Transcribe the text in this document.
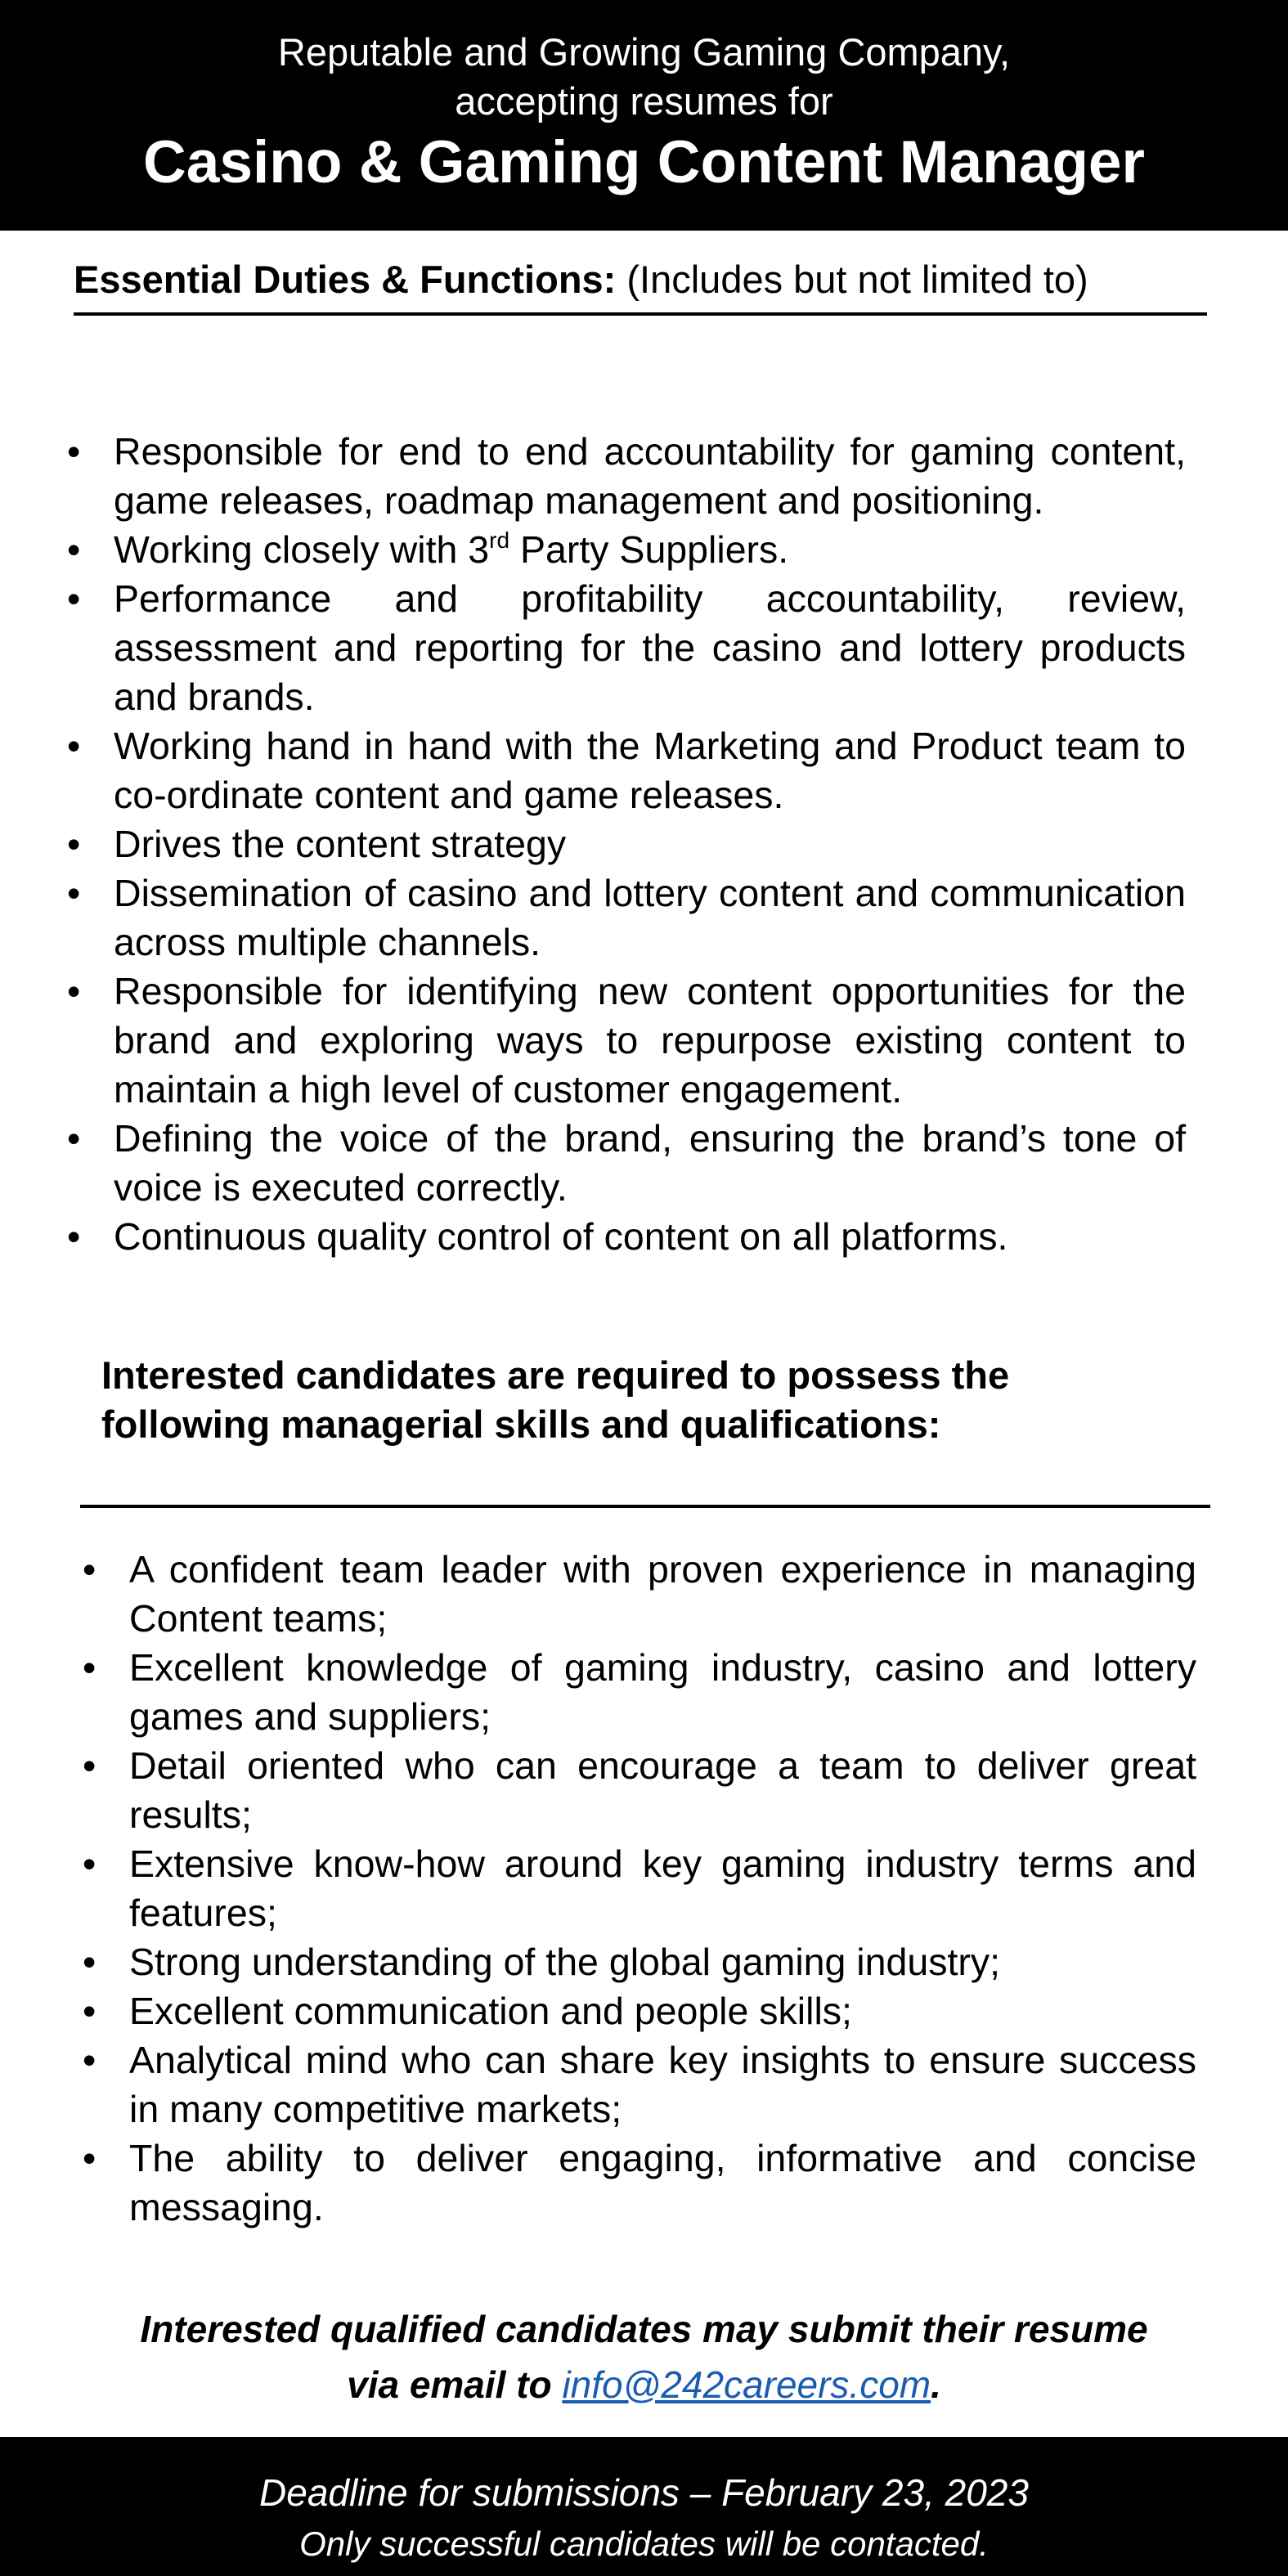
Reputable and Growing Gaming Company,
accepting resumes for
Casino & Gaming Content Manager
Essential Duties & Functions: (Includes but not limited to)
• Responsible for end to end accountability for gaming content, game releases, roadmap management and positioning.
• Working closely with 3rd Party Suppliers.
• Performance and profitability accountability, review, assessment and reporting for the casino and lottery products and brands.
• Working hand in hand with the Marketing and Product team to co-ordinate content and game releases.
• Drives the content strategy
• Dissemination of casino and lottery content and communication across multiple channels.
• Responsible for identifying new content opportunities for the brand and exploring ways to repurpose existing content to maintain a high level of customer engagement.
• Defining the voice of the brand, ensuring the brand’s tone of voice is executed correctly.
• Continuous quality control of content on all platforms.
Interested candidates are required to possess the following managerial skills and qualifications:
• A confident team leader with proven experience in managing Content teams;
• Excellent knowledge of gaming industry, casino and lottery games and suppliers;
• Detail oriented who can encourage a team to deliver great results;
• Extensive know-how around key gaming industry terms and features;
• Strong understanding of the global gaming industry;
• Excellent communication and people skills;
• Analytical mind who can share key insights to ensure success in many competitive markets;
• The ability to deliver engaging, informative and concise messaging.
Interested qualified candidates may submit their resume
via email to info@242careers.com.
Deadline for submissions – February 23, 2023
Only successful candidates will be contacted.
